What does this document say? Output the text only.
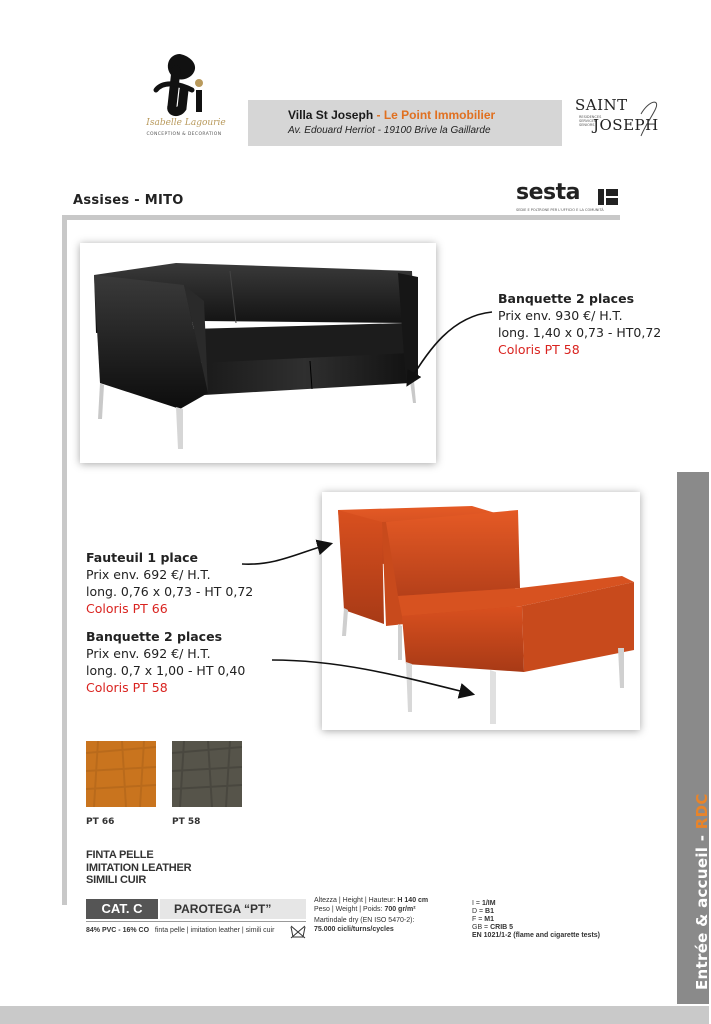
Isabelle Lagourie
CONCEPTION & DECORATION
Villa St Joseph - Le Point Immobilier
Av. Edouard Herriot - 19100 Brive la Gaillarde
SAINT
RESIDENCES SERVICES SENIORS
JOSEPH
Assises - MITO	sesta
SEDIE E POLTRONE PER L'UFFICIO E LA COMUNITÀ
Banquette 2 places
Prix env. 930 €/ H.T.
long. 1,40 x 0,73 - HT0,72
Coloris PT 58
Fauteuil 1 place
Prix env. 692 €/ H.T.
long. 0,76 x 0,73 - HT 0,72
Coloris PT 66
Banquette 2 places
Prix env. 692 €/ H.T.
long. 0,7 x 1,00 - HT 0,40
Coloris PT 58
PT 66	PT 58
FINTA PELLE
IMITATION LEATHER
SIMILI CUIR
CAT. C	PAROTEGA “PT”
84% PVC - 16% CO finta pelle | imitation leather | simili cuir
Altezza | Height | Hauteur: H 140 cm
Peso | Weight | Poids: 700 gr/m²
Martindale dry (EN ISO 5470-2):
75.000 cicli/turns/cycles
I = 1/IM
D = B1
F = M1
GB = CRIB 5
EN 1021/1-2 (flame and cigarette tests)	Entrée & accueil - RDC
